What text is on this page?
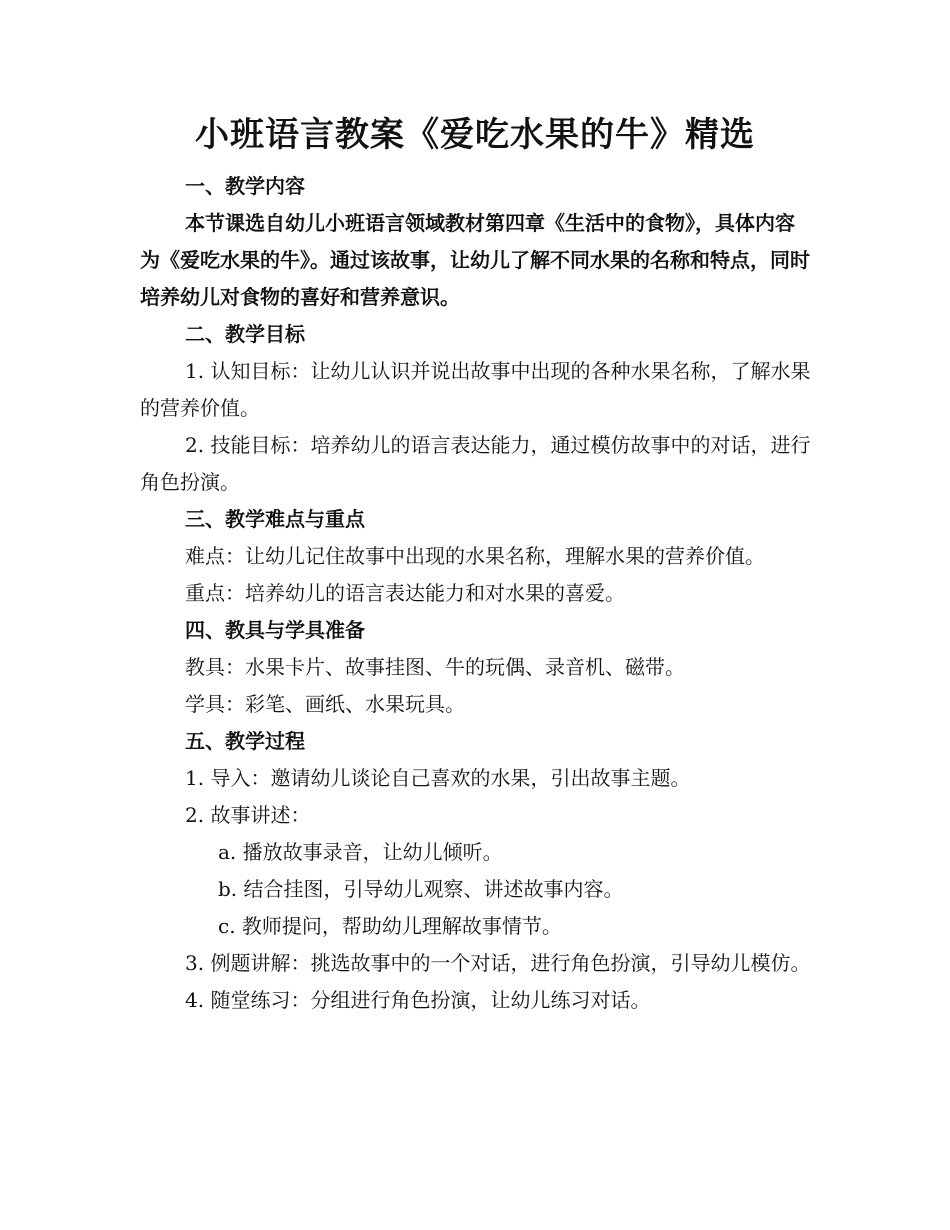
小班语言教案《爱吃水果的牛》精选

一、教学内容

本节课选自幼儿小班语言领域教材第四章《生活中的食物》，具体内容为《爱吃水果的牛》。通过该故事，让幼儿了解不同水果的名称和特点，同时培养幼儿对食物的喜好和营养意识。

二、教学目标

1. 认知目标：让幼儿认识并说出故事中出现的各种水果名称，了解水果的营养价值。

2. 技能目标：培养幼儿的语言表达能力，通过模仿故事中的对话，进行角色扮演。

三、教学难点与重点

难点：让幼儿记住故事中出现的水果名称，理解水果的营养价值。

重点：培养幼儿的语言表达能力和对水果的喜爱。

四、教具与学具准备

教具：水果卡片、故事挂图、牛的玩偶、录音机、磁带。

学具：彩笔、画纸、水果玩具。

五、教学过程

1. 导入：邀请幼儿谈论自己喜欢的水果，引出故事主题。

2. 故事讲述：

a. 播放故事录音，让幼儿倾听。

b. 结合挂图，引导幼儿观察、讲述故事内容。

c. 教师提问，帮助幼儿理解故事情节。

3. 例题讲解：挑选故事中的一个对话，进行角色扮演，引导幼儿模仿。

4. 随堂练习：分组进行角色扮演，让幼儿练习对话。
